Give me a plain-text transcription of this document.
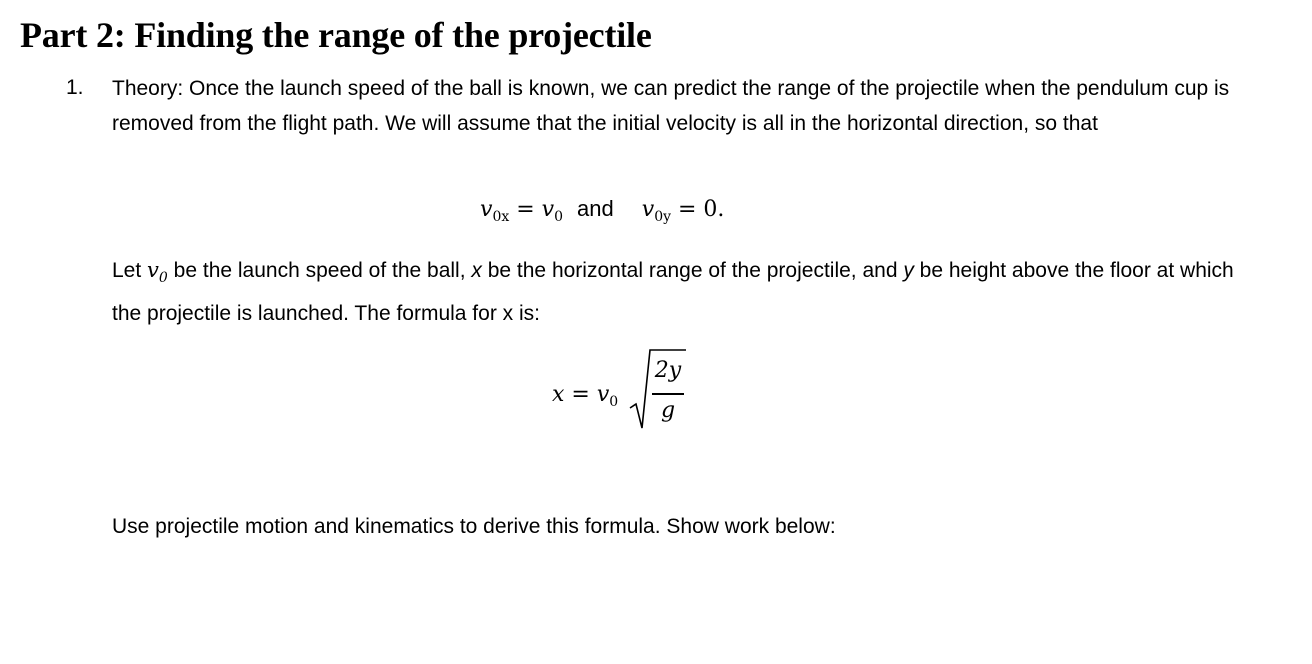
Part 2: Finding the range of the projectile
1. Theory: Once the launch speed of the ball is known, we can predict the range of the projectile when the pendulum cup is removed from the flight path. We will assume that the initial velocity is all in the horizontal direction, so that
$v_{0x} = v_0$ and $v_{0y} = 0$.
Let $v_0$ be the launch speed of the ball, x be the horizontal range of the projectile, and y be height above the floor at which the projectile is launched. The formula for x is:
$x = v_0$
2y
g
Use projectile motion and kinematics to derive this formula. Show work below:
